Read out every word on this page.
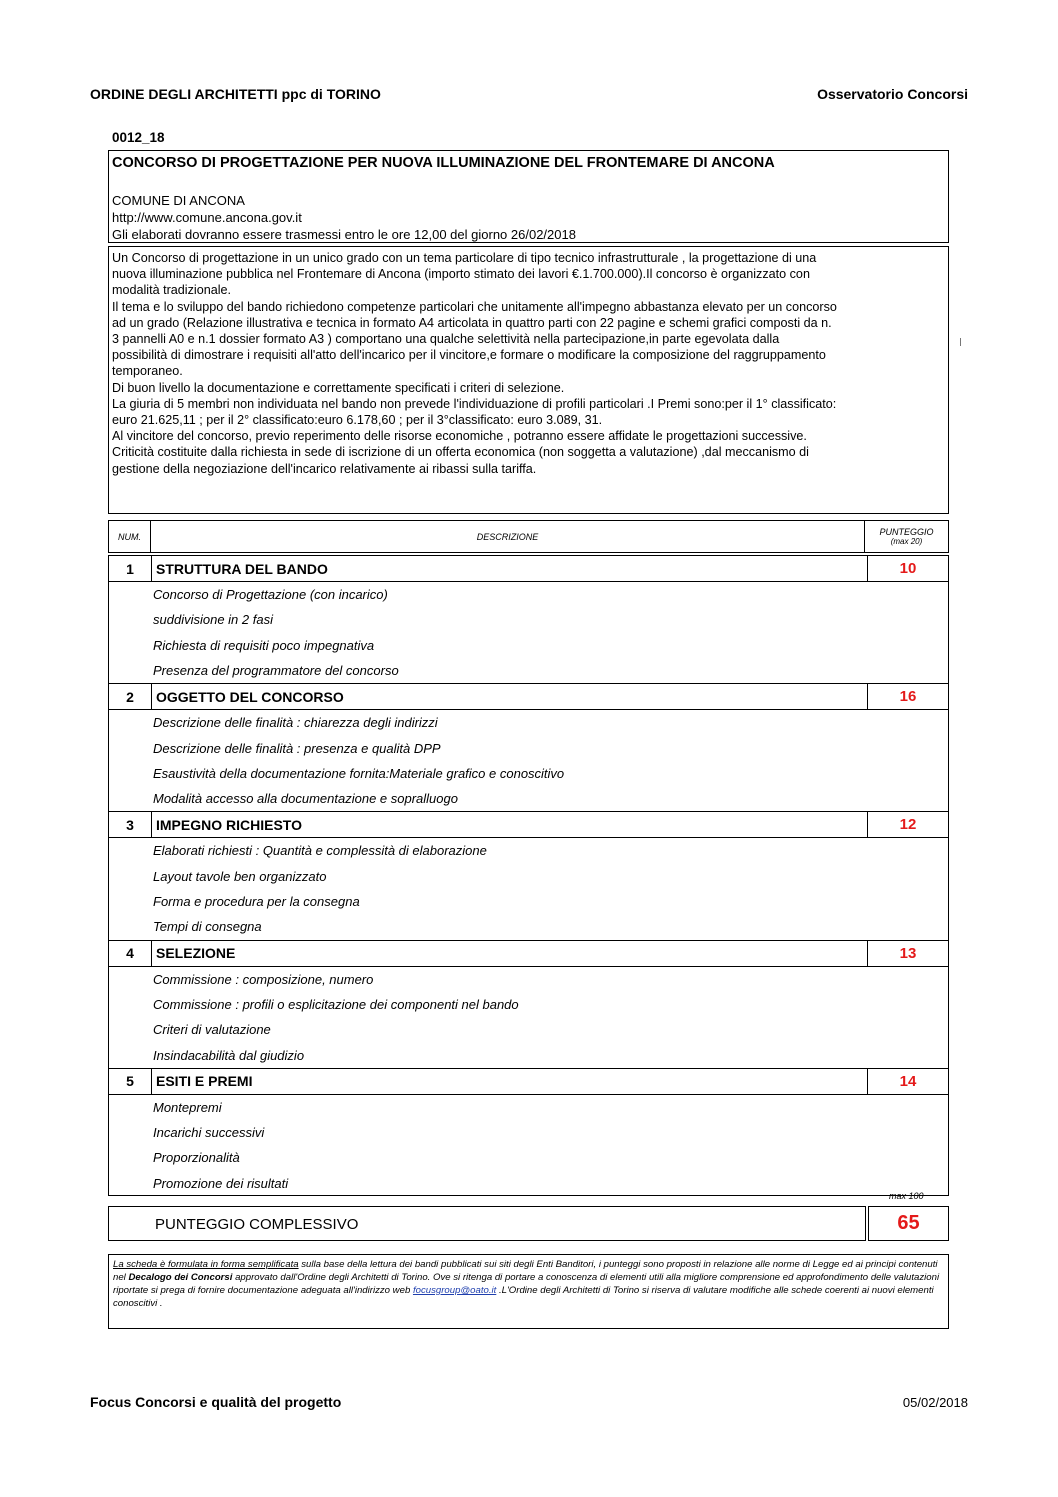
ORDINE DEGLI ARCHITETTI ppc di TORINO	Osservatorio Concorsi
0012_18
CONCORSO DI PROGETTAZIONE PER NUOVA ILLUMINAZIONE DEL FRONTEMARE DI ANCONA
COMUNE DI ANCONA
http://www.comune.ancona.gov.it
Gli elaborati dovranno essere trasmessi entro le ore 12,00 del giorno 26/02/2018

Un Concorso di progettazione in un unico grado con un tema particolare di tipo tecnico infrastrutturale , la progettazione di una

nuova illuminazione pubblica nel Frontemare di Ancona (importo stimato dei lavori €.1.700.000).Il concorso è organizzato con

modalità tradizionale.

Il tema e lo sviluppo del bando richiedono competenze particolari che unitamente all'impegno abbastanza elevato per un concorso

ad un grado (Relazione illustrativa e tecnica in formato A4 articolata in quattro parti con 22 pagine e schemi grafici composti da n.

3 pannelli A0 e n.1 dossier formato A3 ) comportano una qualche selettività nella partecipazione,in parte egevolata dalla

possibilità di dimostrare i requisiti all'atto dell'incarico per il vincitore,e formare o modificare la composizione del raggruppamento

temporaneo.

Di buon livello la documentazione e correttamente specificati i criteri di selezione.

La giuria di 5 membri non individuata nel bando non prevede l'individuazione di profili particolari .I Premi sono:per il 1° classificato:

euro 21.625,11 ; per il 2° classificato:euro 6.178,60 ; per il 3°classificato: euro 3.089, 31.

Al vincitore del concorso, previo reperimento delle risorse economiche , potranno essere affidate le progettazioni successive.

Criticità costituite dalla richiesta in sede di iscrizione di un offerta economica (non soggetta a valutazione) ,dal meccanismo di

gestione della negoziazione dell'incarico relativamente ai ribassi sulla tariffa.

NUM.	DESCRIZIONE	PUNTEGGIO
(max 20)
1	STRUTTURA DEL BANDO	10
Concorso di Progettazione (con incarico)
suddivisione in 2 fasi
Richiesta di requisiti poco impegnativa
Presenza del programmatore del concorso
2	OGGETTO DEL CONCORSO	16
Descrizione delle finalità : chiarezza degli indirizzi
Descrizione delle finalità : presenza e qualità DPP
Esaustività della documentazione fornita:Materiale grafico e conoscitivo
Modalità accesso alla documentazione e sopralluogo
3	IMPEGNO RICHIESTO	12
Elaborati richiesti : Quantità e complessità di elaborazione
Layout tavole ben organizzato
Forma e procedura per la consegna
Tempi di consegna
4	SELEZIONE	13
Commissione : composizione, numero
Commissione : profili o esplicitazione dei componenti nel bando
Criteri di valutazione
Insindacabilità dal giudizio
5	ESITI E PREMI	14
Montepremi
Incarichi successivi
Proporzionalità
Promozione dei risultati
max 100
PUNTEGGIO COMPLESSIVO	65
La scheda è formulata in forma semplificata sulla base della lettura dei bandi pubblicati sui siti degli Enti Banditori, i punteggi sono proposti in relazione alle norme di Legge ed ai principi contenuti nel Decalogo dei Concorsi approvato dall'Ordine degli Architetti di Torino. Ove si ritenga di portare a conoscenza di elementi utili alla migliore comprensione ed approfondimento delle valutazioni riportate si prega di fornire documentazione adeguata all'indirizzo web focusgroup@oato.it .L'Ordine degli Architetti di Torino si riserva di valutare modifiche alle schede coerenti ai nuovi elementi conoscitivi .
Focus Concorsi e qualità del progetto	05/02/2018
